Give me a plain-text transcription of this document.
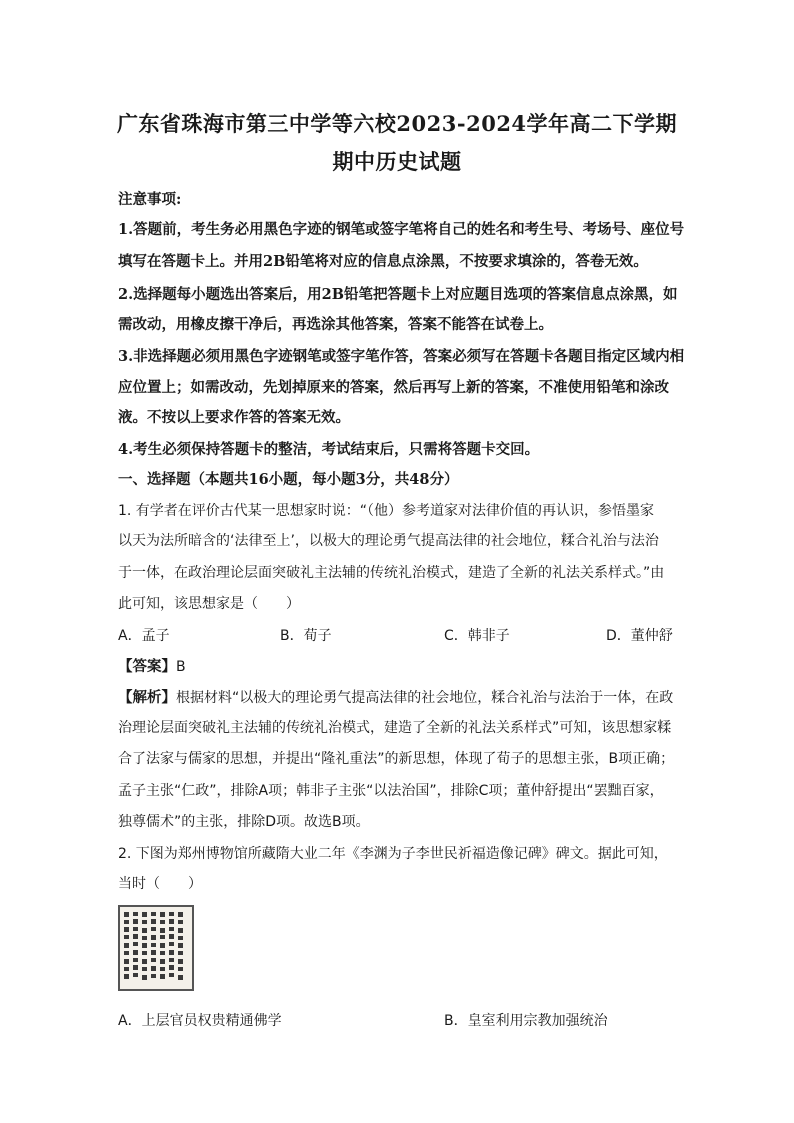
广东省珠海市第三中学等六校2023-2024学年高二下学期
期中历史试题
注意事项:
1.答题前，考生务必用黑色字迹的钢笔或签字笔将自己的姓名和考生号、考场号、座位号
填写在答题卡上。并用2B铅笔将对应的信息点涂黑，不按要求填涂的，答卷无效。
2.选择题每小题选出答案后，用2B铅笔把答题卡上对应题目选项的答案信息点涂黑，如
需改动，用橡皮擦干净后，再选涂其他答案，答案不能答在试卷上。
3.非选择题必须用黑色字迹钢笔或签字笔作答，答案必须写在答题卡各题目指定区域内相
应位置上；如需改动，先划掉原来的答案，然后再写上新的答案，不准使用铅笔和涂改
液。不按以上要求作答的答案无效。
4.考生必须保持答题卡的整洁，考试结束后，只需将答题卡交回。
一、选择题（本题共16小题，每小题3分，共48分）
1. 有学者在评价古代某一思想家时说：“（他）参考道家对法律价值的再认识，参悟墨家
以天为法所暗含的‘法律至上’，以极大的理论勇气提高法律的社会地位，糅合礼治与法治
于一体，在政治理论层面突破礼主法辅的传统礼治模式，建造了全新的礼法关系样式。”由
此可知，该思想家是（　　）
A．孟子	B．荀子	C．韩非子	D．董仲舒
【答案】B
【解析】根据材料“以极大的理论勇气提高法律的社会地位，糅合礼治与法治于一体，在政
治理论层面突破礼主法辅的传统礼治模式，建造了全新的礼法关系样式”可知，该思想家糅
合了法家与儒家的思想，并提出“隆礼重法”的新思想，体现了荀子的思想主张，B项正确；
孟子主张“仁政”，排除A项；韩非子主张“以法治国”，排除C项；董仲舒提出“罢黜百家，
独尊儒术”的主张，排除D项。故选B项。
2. 下图为郑州博物馆所藏隋大业二年《李渊为子李世民祈福造像记碑》碑文。据此可知，
当时（　　）
A．上层官员权贵精通佛学	B．皇室利用宗教加强统治
